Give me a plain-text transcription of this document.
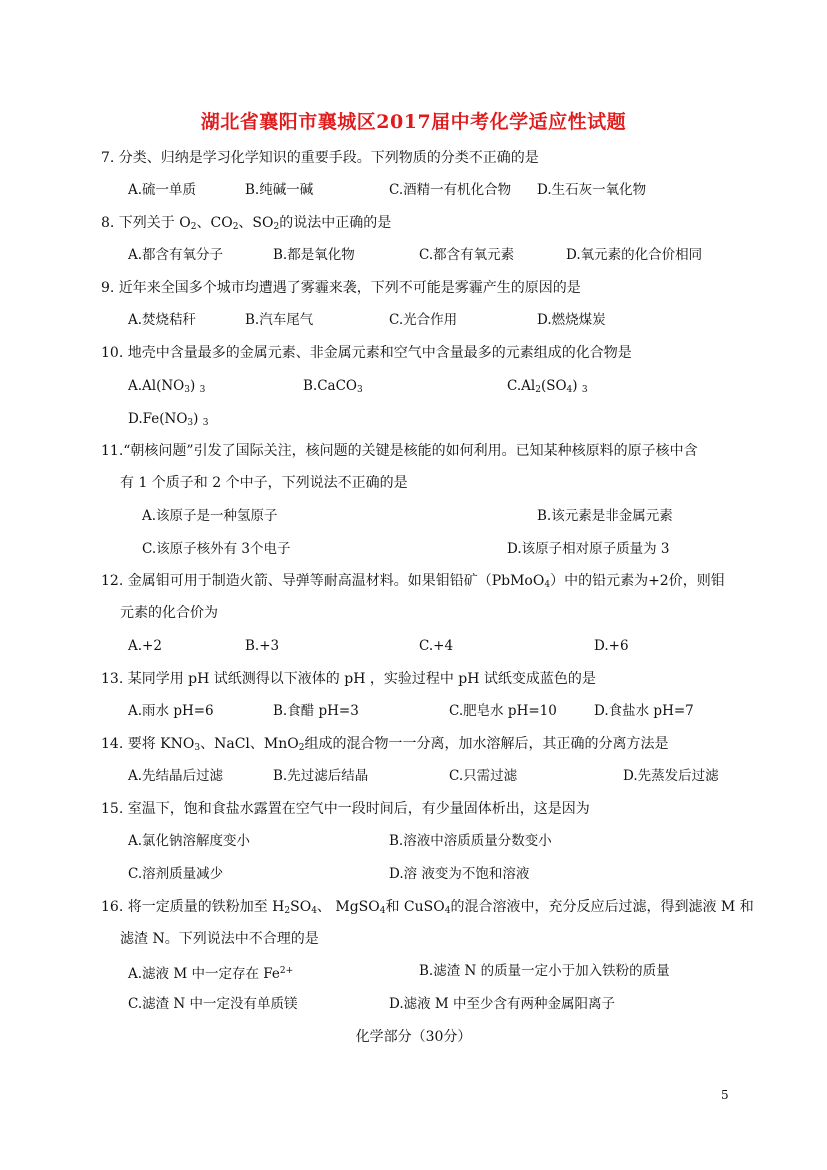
湖北省襄阳市襄城区2017届中考化学适应性试题
7. 分类、归纳是学习化学知识的重要手段。下列物质的分类不正确的是
A.硫一单质	B.纯碱一碱	C.酒精一有机化合物 D.生石灰一氧化物
8. 下列关于 $O_2$、$CO_2$、$SO_2$的说法中正确的是
A.都含有氧分子	B.都是氧化物	C.都含有氧元素	D.氧元素的化合价相同
9. 近年来全国多个城市均遭遇了雾霾来袭，下列不可能是雾霾产生的原因的是
A.焚烧秸秆	B.汽车尾气	C.光合作用	D.燃烧煤炭
10. 地壳中含量最多的金属元素、非金属元素和空气中含量最多的元素组成的化合物是
$A.Al(NO_3)$ $_3$	B.CaCO$_3$	$C.Al_2(SO_4)$ $_3$
$D.Fe(NO_3)$ $_3$
11.“朝核问题”引发了国际关注，核问题的关键是核能的如何利用。已知某种核原料的原子核中含
有 1 个质子和 2 个中子，下列说法不正确的是
A.该原子是一种氢原子	B.该元素是非金属元素
C.该原子核外有 3个电子	D.该原子相对原子质量为 3
12. 金属钼可用于制造火箭、导弹等耐高温材料。如果钼铅矿（PbMoO$_4$）中的铅元素为+2价，则钼
元素的化合价为
A.+2	B.+3	C.+4	D.+6
13. 某同学用 pH 试纸测得以下液体的 pH ，实验过程中 pH 试纸变成蓝色的是
A.雨水 pH=6	B.食醋 pH=3	C.肥皂水 pH=10	D.食盐水 pH=7
14. 要将 $KNO_3$、NaCl、MnO$_2$组成的混合物一一分离，加水溶解后，其正确的分离方法是
A.先结晶后过滤	B.先过滤后结晶	C.只需过滤	D.先蒸发后过滤
15. 室温下，饱和食盐水露置在空气中一段时间后，有少量固体析出，这是因为
A.氯化钠溶解度变小	B.溶液中溶质质量分数变小
C.溶剂质量减少	D.溶 液变为不饱和溶液
16. 将一定质量的铁粉加至 $H_2SO_4$、 MgSO$_4$和 CuSO$_4$的混合溶液中，充分反应后过滤，得到滤液 M 和
滤渣 N。下列说法中不合理的是
A.滤液 M 中一定存在 $Fe^{2+}$	B.滤渣 N 的质量一定小于加入铁粉的质量
C.滤渣 N 中一定没有单质镁	D.滤液 M 中至少含有两种金属阳离子
化学部分（30分）
5
